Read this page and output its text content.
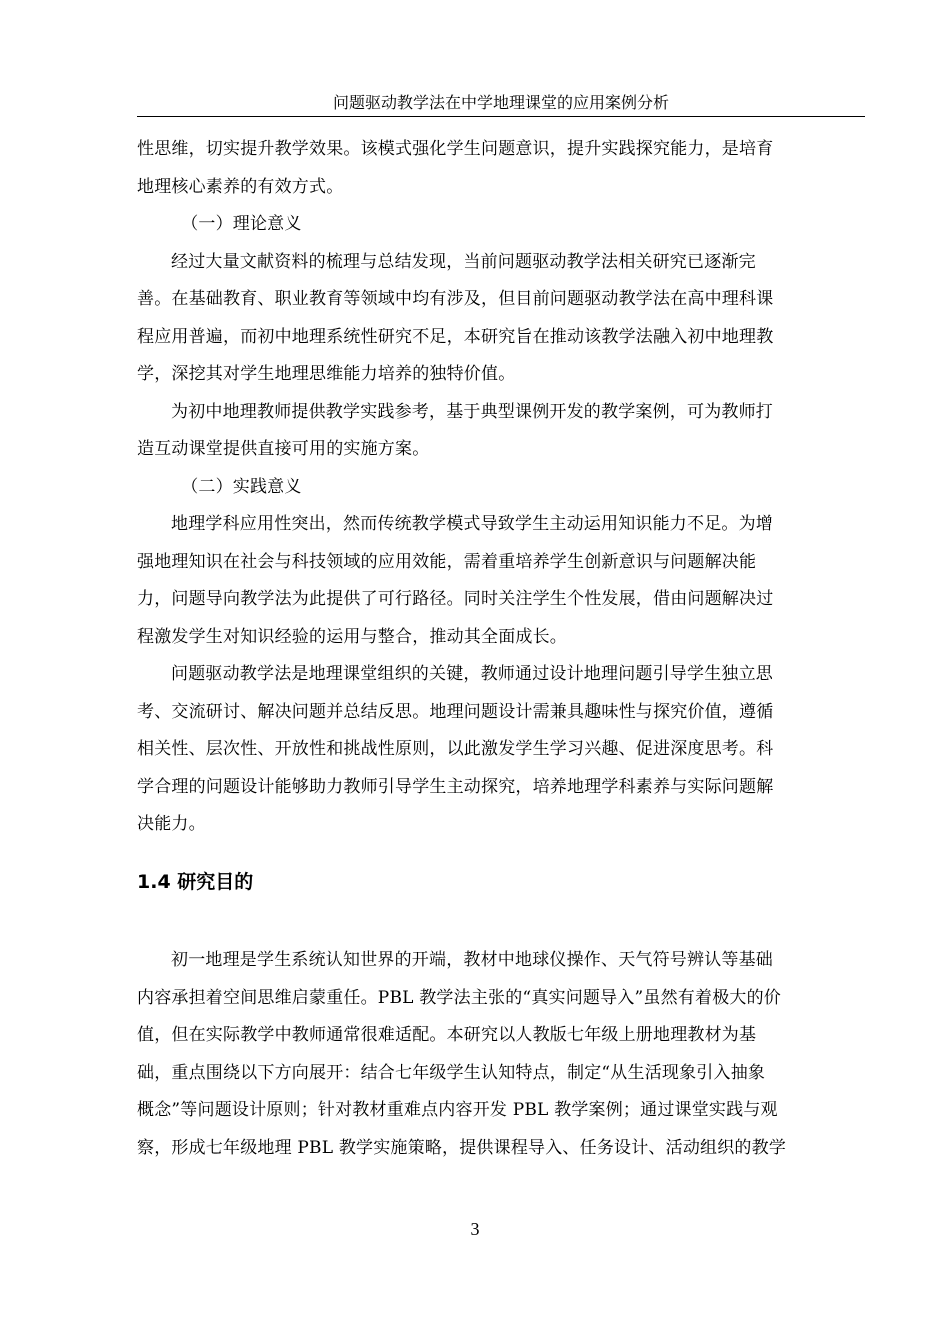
问题驱动教学法在中学地理课堂的应用案例分析

性思维，切实提升教学效果。该模式强化学生问题意识，提升实践探究能力，是培育
地理核心素养的有效方式。

（一）理论意义

经过大量文献资料的梳理与总结发现，当前问题驱动教学法相关研究已逐渐完
善。在基础教育、职业教育等领域中均有涉及，但目前问题驱动教学法在高中理科课
程应用普遍，而初中地理系统性研究不足，本研究旨在推动该教学法融入初中地理教
学，深挖其对学生地理思维能力培养的独特价值。

为初中地理教师提供教学实践参考，基于典型课例开发的教学案例，可为教师打
造互动课堂提供直接可用的实施方案。

（二）实践意义

地理学科应用性突出，然而传统教学模式导致学生主动运用知识能力不足。为增
强地理知识在社会与科技领域的应用效能，需着重培养学生创新意识与问题解决能
力，问题导向教学法为此提供了可行路径。同时关注学生个性发展，借由问题解决过
程激发学生对知识经验的运用与整合，推动其全面成长。

问题驱动教学法是地理课堂组织的关键，教师通过设计地理问题引导学生独立思
考、交流研讨、解决问题并总结反思。地理问题设计需兼具趣味性与探究价值，遵循
相关性、层次性、开放性和挑战性原则，以此激发学生学习兴趣、促进深度思考。科
学合理的问题设计能够助力教师引导学生主动探究，培养地理学科素养与实际问题解
决能力。

1.4 研究目的

初一地理是学生系统认知世界的开端，教材中地球仪操作、天气符号辨认等基础
内容承担着空间思维启蒙重任。PBL 教学法主张的“真实问题导入”虽然有着极大的价
值，但在实际教学中教师通常很难适配。本研究以人教版七年级上册地理教材为基
础，重点围绕以下方向展开：结合七年级学生认知特点，制定“从生活现象引入抽象
概念”等问题设计原则；针对教材重难点内容开发 PBL 教学案例；通过课堂实践与观
察，形成七年级地理 PBL 教学实施策略，提供课程导入、任务设计、活动组织的教学

3
